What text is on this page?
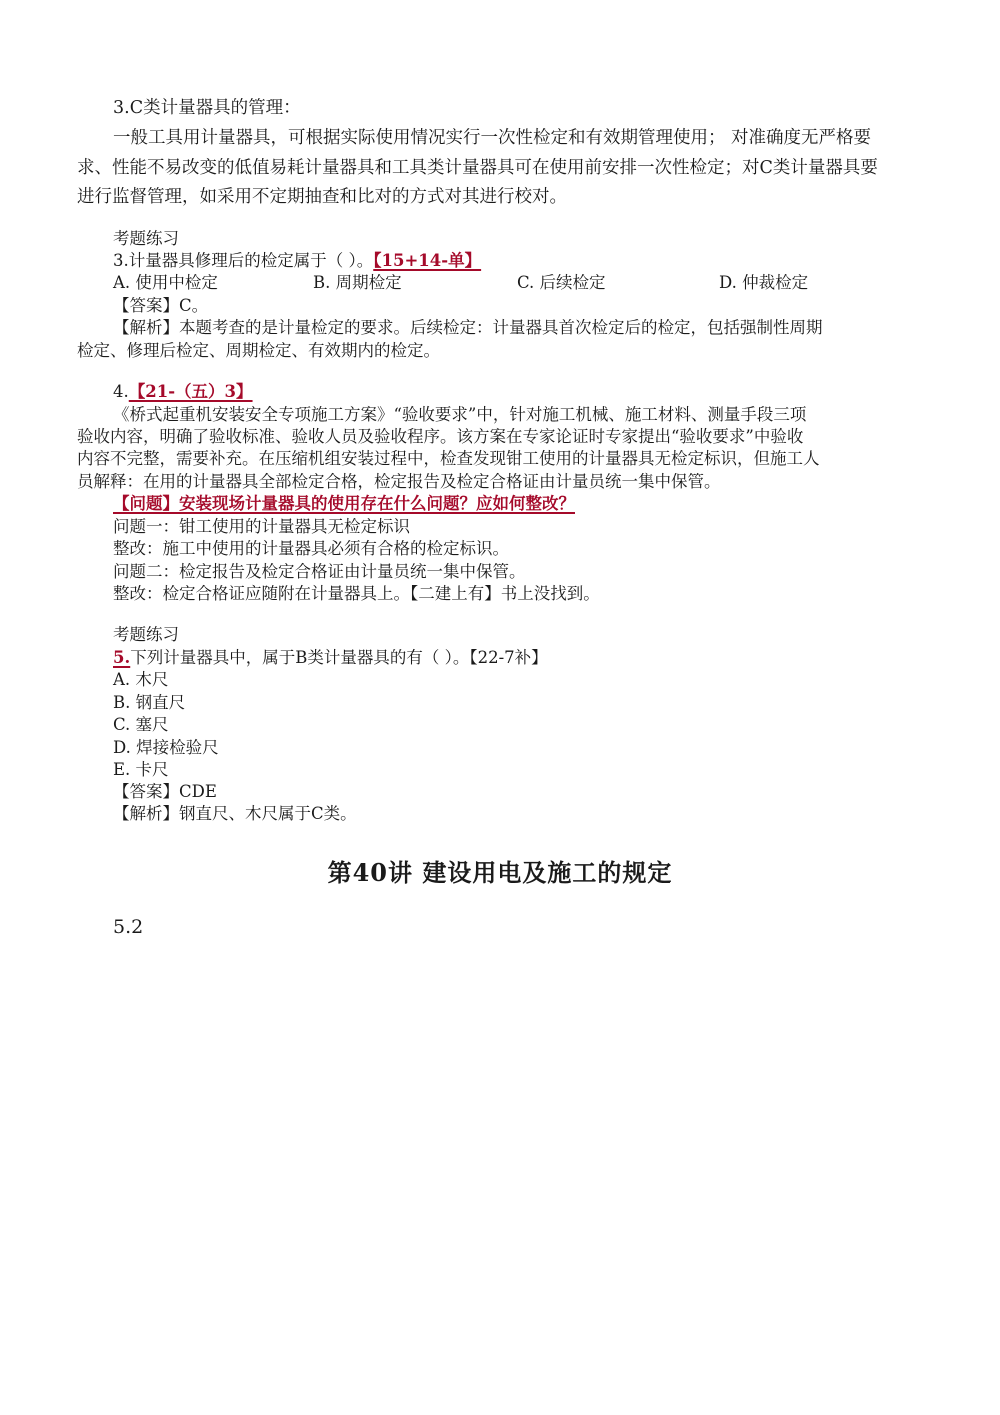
3.C类计量器具的管理：
一般工具用计量器具，可根据实际使用情况实行一次性检定和有效期管理使用； 对准确度无严格要
求、性能不易改变的低值易耗计量器具和工具类计量器具可在使用前安排一次性检定；对C类计量器具要
进行监督管理，如采用不定期抽查和比对的方式对其进行校对。
考题练习
3.计量器具修理后的检定属于（ ）。【15+14-单】
A. 使用中检定	B. 周期检定	C. 后续检定	D. 仲裁检定
【答案】C。
【解析】本题考查的是计量检定的要求。后续检定：计量器具首次检定后的检定，包括强制性周期
检定、修理后检定、周期检定、有效期内的检定。
4.【21-（五）3】
《桥式起重机安装安全专项施工方案》“验收要求”中，针对施工机械、施工材料、测量手段三项
验收内容，明确了验收标准、验收人员及验收程序。该方案在专家论证时专家提出“验收要求”中验收
内容不完整，需要补充。在压缩机组安装过程中，检查发现钳工使用的计量器具无检定标识，但施工人
员解释：在用的计量器具全部检定合格，检定报告及检定合格证由计量员统一集中保管。
【问题】安装现场计量器具的使用存在什么问题？应如何整改？
问题一：钳工使用的计量器具无检定标识
整改：施工中使用的计量器具必须有合格的检定标识。
问题二：检定报告及检定合格证由计量员统一集中保管。
整改：检定合格证应随附在计量器具上。【二建上有】书上没找到。
考题练习
5.下列计量器具中，属于B类计量器具的有（ ）。【22-7补】
A. 木尺
B. 钢直尺
C. 塞尺
D. 焊接检验尺
E. 卡尺
【答案】CDE
【解析】钢直尺、木尺属于C类。
第40讲 建设用电及施工的规定
5.2
